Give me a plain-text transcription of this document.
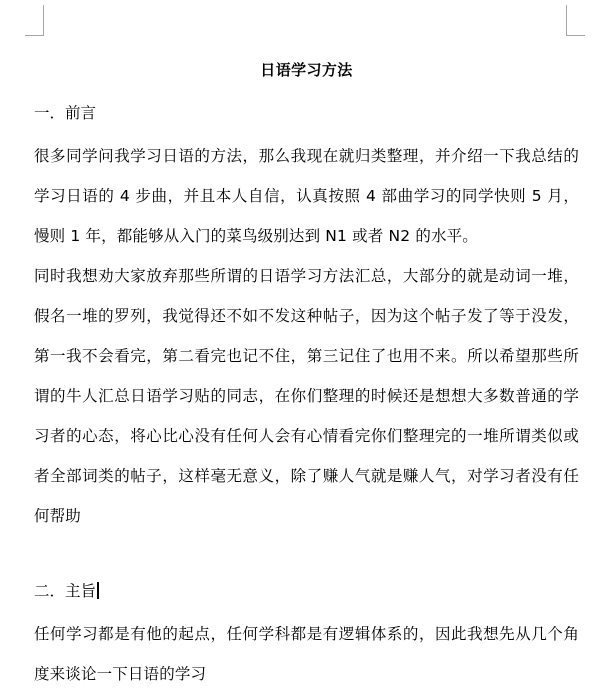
日语学习方法

一．前言

很多同学问我学习日语的方法，那么我现在就归类整理，并介绍一下我总结的学习日语的 4 步曲，并且本人自信，认真按照 4 部曲学习的同学快则 5 月，慢则 1 年，都能够从入门的菜鸟级别达到 N1 或者 N2 的水平。

同时我想劝大家放弃那些所谓的日语学习方法汇总，大部分的就是动词一堆，假名一堆的罗列，我觉得还不如不发这种帖子，因为这个帖子发了等于没发，第一我不会看完，第二看完也记不住，第三记住了也用不来。所以希望那些所谓的牛人汇总日语学习贴的同志，在你们整理的时候还是想想大多数普通的学习者的心态，将心比心没有任何人会有心情看完你们整理完的一堆所谓类似或者全部词类的帖子，这样毫无意义，除了赚人气就是赚人气，对学习者没有任何帮助

二．主旨

任何学习都是有他的起点，任何学科都是有逻辑体系的，因此我想先从几个角度来谈论一下日语的学习
